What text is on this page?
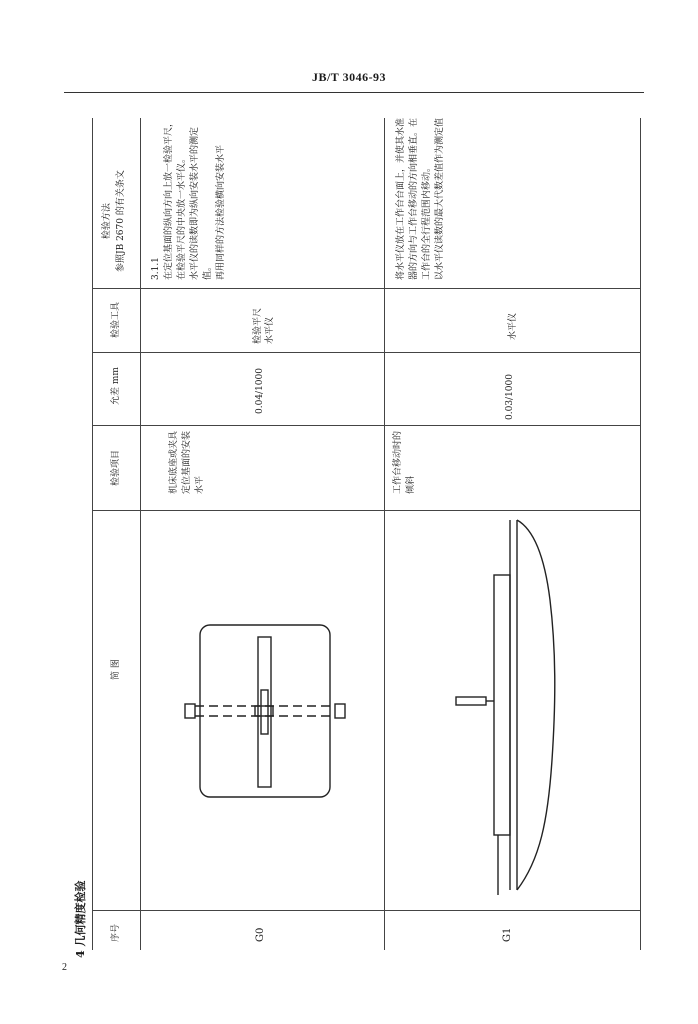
JB/T 3046-93
2
4 几何精度检验	序号
简 图
检验项目
允差 mm
检验工具
检验方法
参照JB 2670 的有关条文
G0
机床底座或夹具定位基面的安装水平
0.04/1000
检验平尺
水平仪
3.1.1 在定位基面的纵向方向上放一检验平尺，在检验平尺的中央放一水平仪。 水平仪的读数即为纵向安装水平的测定值。 再用同样的方法检验横向安装水平
G1
工作台移动时的倾斜
0.03/1000
水平仪
将水平仪放在工作台台面上，并使其水准器的方向与工作台移动的方向相垂直。在工作台的全行程范围内移动。 以水平仪读数的最大代数差值作为测定值
